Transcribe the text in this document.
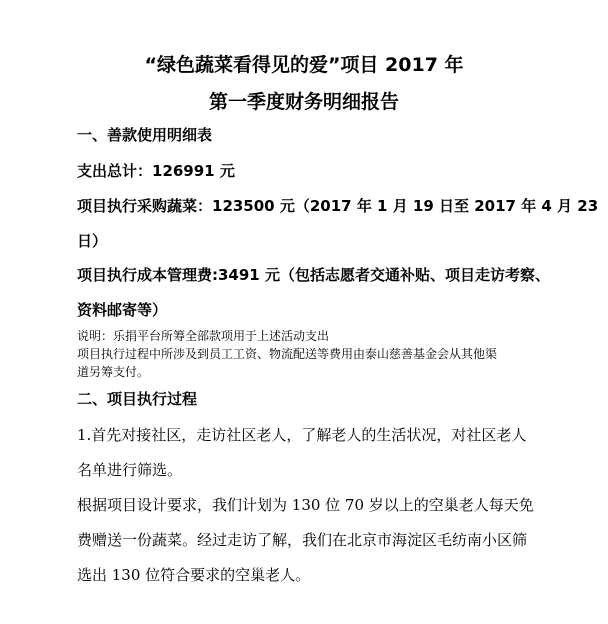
“绿色蔬菜看得见的爱”项目 2017 年
第一季度财务明细报告
一、善款使用明细表
支出总计：126991 元
项目执行采购蔬菜：123500 元（2017 年 1 月 19 日至 2017 年 4 月 23
日）
项目执行成本管理费:3491 元（包括志愿者交通补贴、项目走访考察、
资料邮寄等）
说明：乐捐平台所筹全部款项用于上述活动支出
项目执行过程中所涉及到员工工资、物流配送等费用由泰山慈善基金会从其他渠
道另筹支付。
二、项目执行过程
1.首先对接社区，走访社区老人，了解老人的生活状况，对社区老人
名单进行筛选。
根据项目设计要求，我们计划为 130 位 70 岁以上的空巢老人每天免
费赠送一份蔬菜。经过走访了解，我们在北京市海淀区毛纺南小区筛
选出 130 位符合要求的空巢老人。
